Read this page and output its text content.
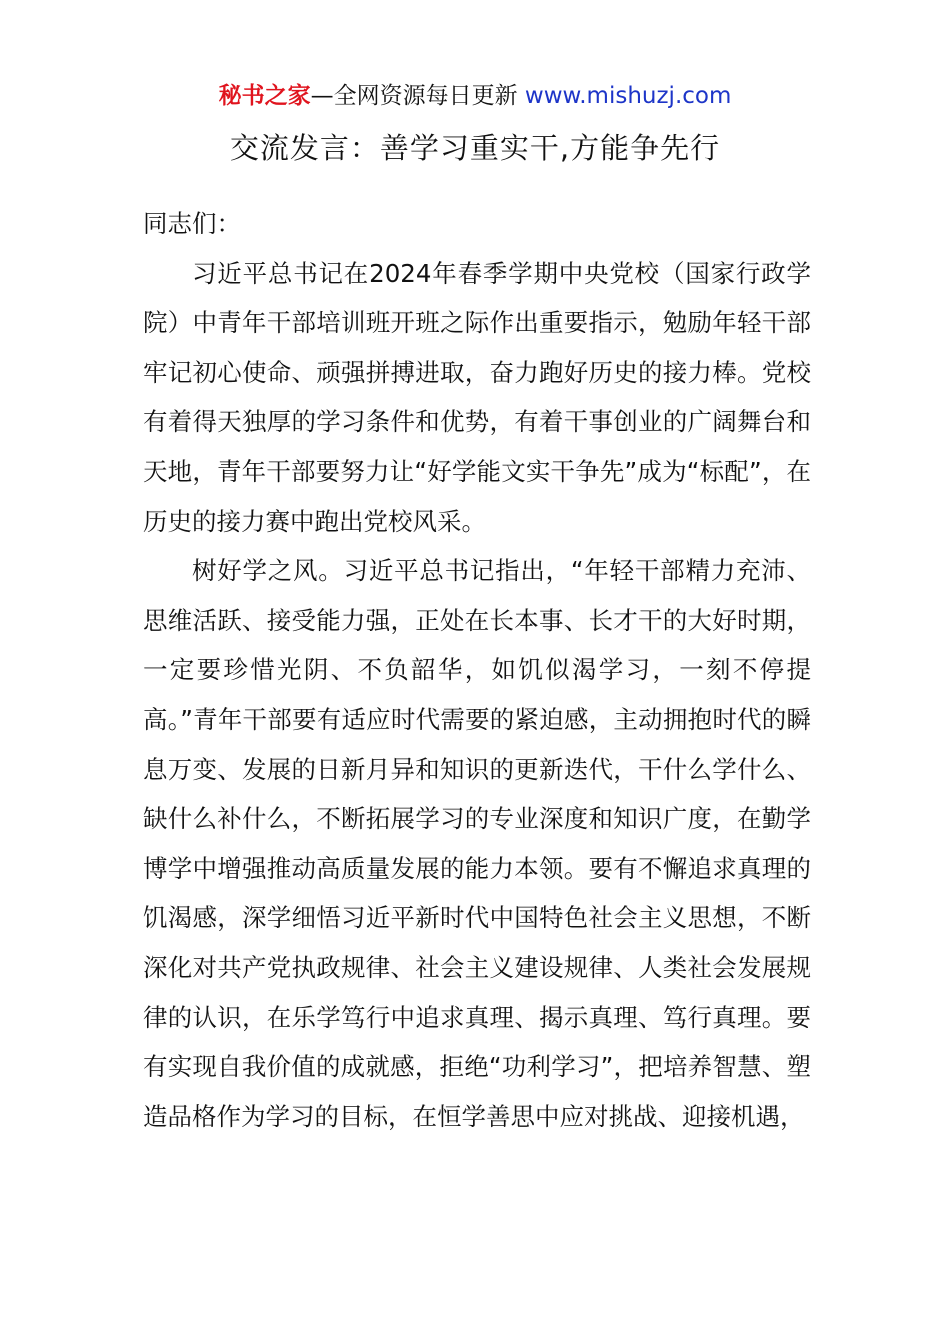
秘书之家—全网资源每日更新 www.mishuzj.com
交流发言：善学习重实干,方能争先行

同志们：

习近平总书记在2024年春季学期中央党校（国家行政学院）中青年干部培训班开班之际作出重要指示，勉励年轻干部牢记初心使命、顽强拼搏进取，奋力跑好历史的接力棒。党校有着得天独厚的学习条件和优势，有着干事创业的广阔舞台和天地，青年干部要努力让“好学能文实干争先”成为“标配”，在历史的接力赛中跑出党校风采。

树好学之风。习近平总书记指出，“年轻干部精力充沛、思维活跃、接受能力强，正处在长本事、长才干的大好时期，一定要珍惜光阴、不负韶华，如饥似渴学习，一刻不停提高。”青年干部要有适应时代需要的紧迫感，主动拥抱时代的瞬息万变、发展的日新月异和知识的更新迭代，干什么学什么、缺什么补什么，不断拓展学习的专业深度和知识广度，在勤学博学中增强推动高质量发展的能力本领。要有不懈追求真理的饥渴感，深学细悟习近平新时代中国特色社会主义思想，不断深化对共产党执政规律、社会主义建设规律、人类社会发展规律的认识，在乐学笃行中追求真理、揭示真理、笃行真理。要有实现自我价值的成就感，拒绝“功利学习”，把培养智慧、塑造品格作为学习的目标，在恒学善思中应对挑战、迎接机遇，
